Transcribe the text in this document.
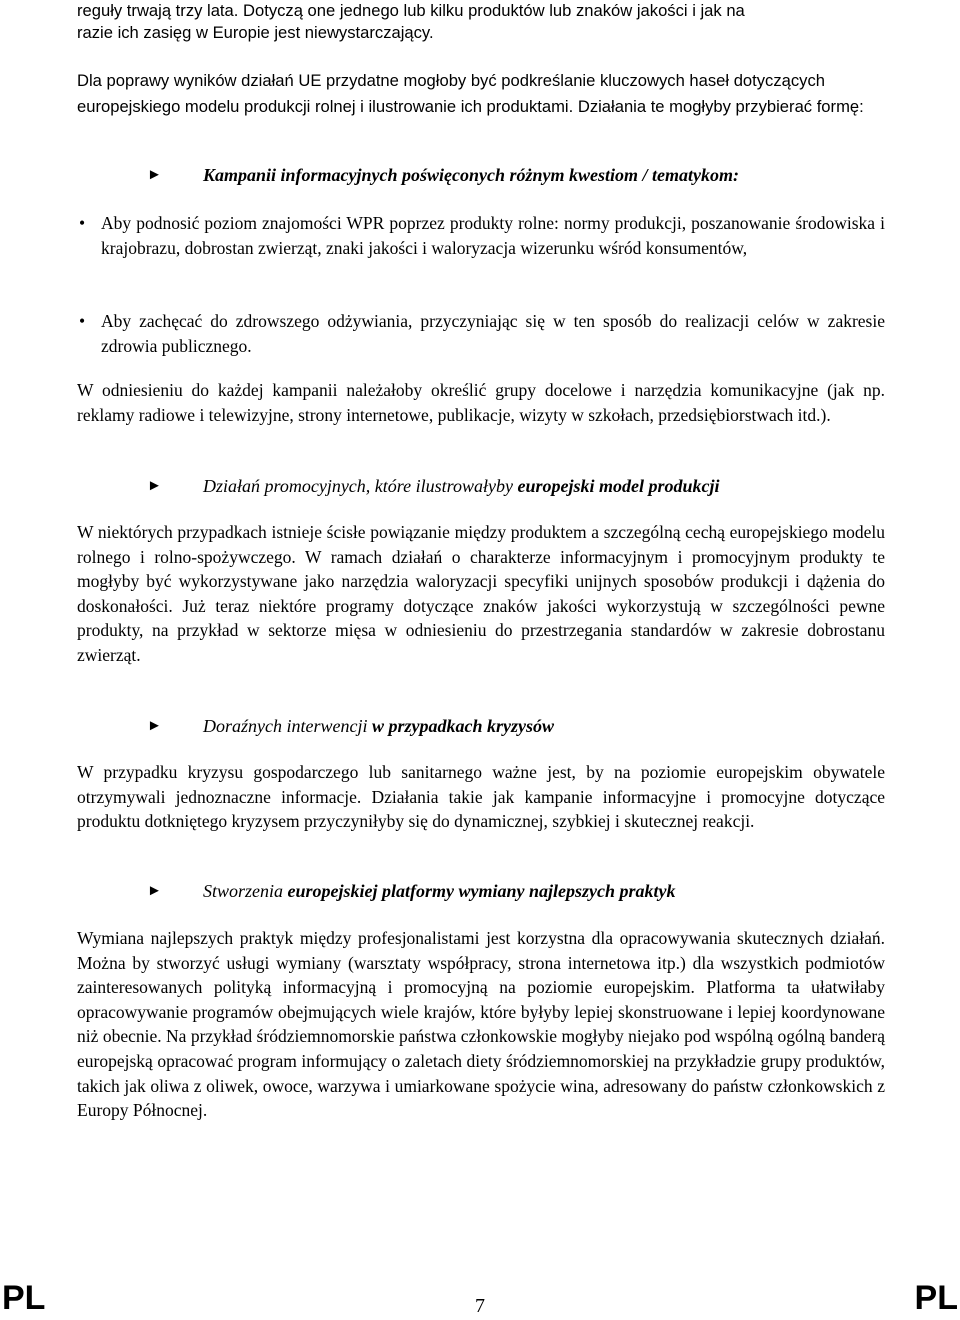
reguły trwają trzy lata. Dotyczą one jednego lub kilku produktów lub znaków jakości i jak na
razie ich zasięg w Europie jest niewystarczający.

Dla poprawy wyników działań UE przydatne mogłoby być podkreślanie kluczowych haseł dotyczących europejskiego modelu produkcji rolnej i ilustrowanie ich produktami. Działania te mogłyby przybierać formę:

► Kampanii informacyjnych poświęconych różnym kwestiom / tematykom:
• Aby podnosić poziom znajomości WPR poprzez produkty rolne: normy produkcji, poszanowanie środowiska i krajobrazu, dobrostan zwierząt, znaki jakości i waloryzacja wizerunku wśród konsumentów,

• Aby zachęcać do zdrowszego odżywiania, przyczyniając się w ten sposób do realizacji celów w zakresie zdrowia publicznego.

W odniesieniu do każdej kampanii należałoby określić grupy docelowe i narzędzia komunikacyjne (jak np. reklamy radiowe i telewizyjne, strony internetowe, publikacje, wizyty w szkołach, przedsiębiorstwach itd.).

► Działań promocyjnych, które ilustrowałyby europejski model produkcji

W niektórych przypadkach istnieje ścisłe powiązanie między produktem a szczególną cechą europejskiego modelu rolnego i rolno-spożywczego. W ramach działań o charakterze informacyjnym i promocyjnym produkty te mogłyby być wykorzystywane jako narzędzia waloryzacji specyfiki unijnych sposobów produkcji i dążenia do doskonałości. Już teraz niektóre programy dotyczące znaków jakości wykorzystują w szczególności pewne produkty, na przykład w sektorze mięsa w odniesieniu do przestrzegania standardów w zakresie dobrostanu zwierząt.

► Doraźnych interwencji w przypadkach kryzysów

W przypadku kryzysu gospodarczego lub sanitarnego ważne jest, by na poziomie europejskim obywatele otrzymywali jednoznaczne informacje. Działania takie jak kampanie informacyjne i promocyjne dotyczące produktu dotkniętego kryzysem przyczyniłyby się do dynamicznej, szybkiej i skutecznej reakcji.

► Stworzenia europejskiej platformy wymiany najlepszych praktyk

Wymiana najlepszych praktyk między profesjonalistami jest korzystna dla opracowywania skutecznych działań. Można by stworzyć usługi wymiany (warsztaty współpracy, strona internetowa itp.) dla wszystkich podmiotów zainteresowanych polityką informacyjną i promocyjną na poziomie europejskim. Platforma ta ułatwiłaby opracowywanie programów obejmujących wiele krajów, które byłyby lepiej skonstruowane i lepiej koordynowane niż obecnie. Na przykład śródziemnomorskie państwa członkowskie mogłyby niejako pod wspólną ogólną banderą europejską opracować program informujący o zaletach diety śródziemnomorskiej na przykładzie grupy produktów, takich jak oliwa z oliwek, owoce, warzywa i umiarkowane spożycie wina, adresowany do państw członkowskich z Europy Północnej.

PL	7	PL
